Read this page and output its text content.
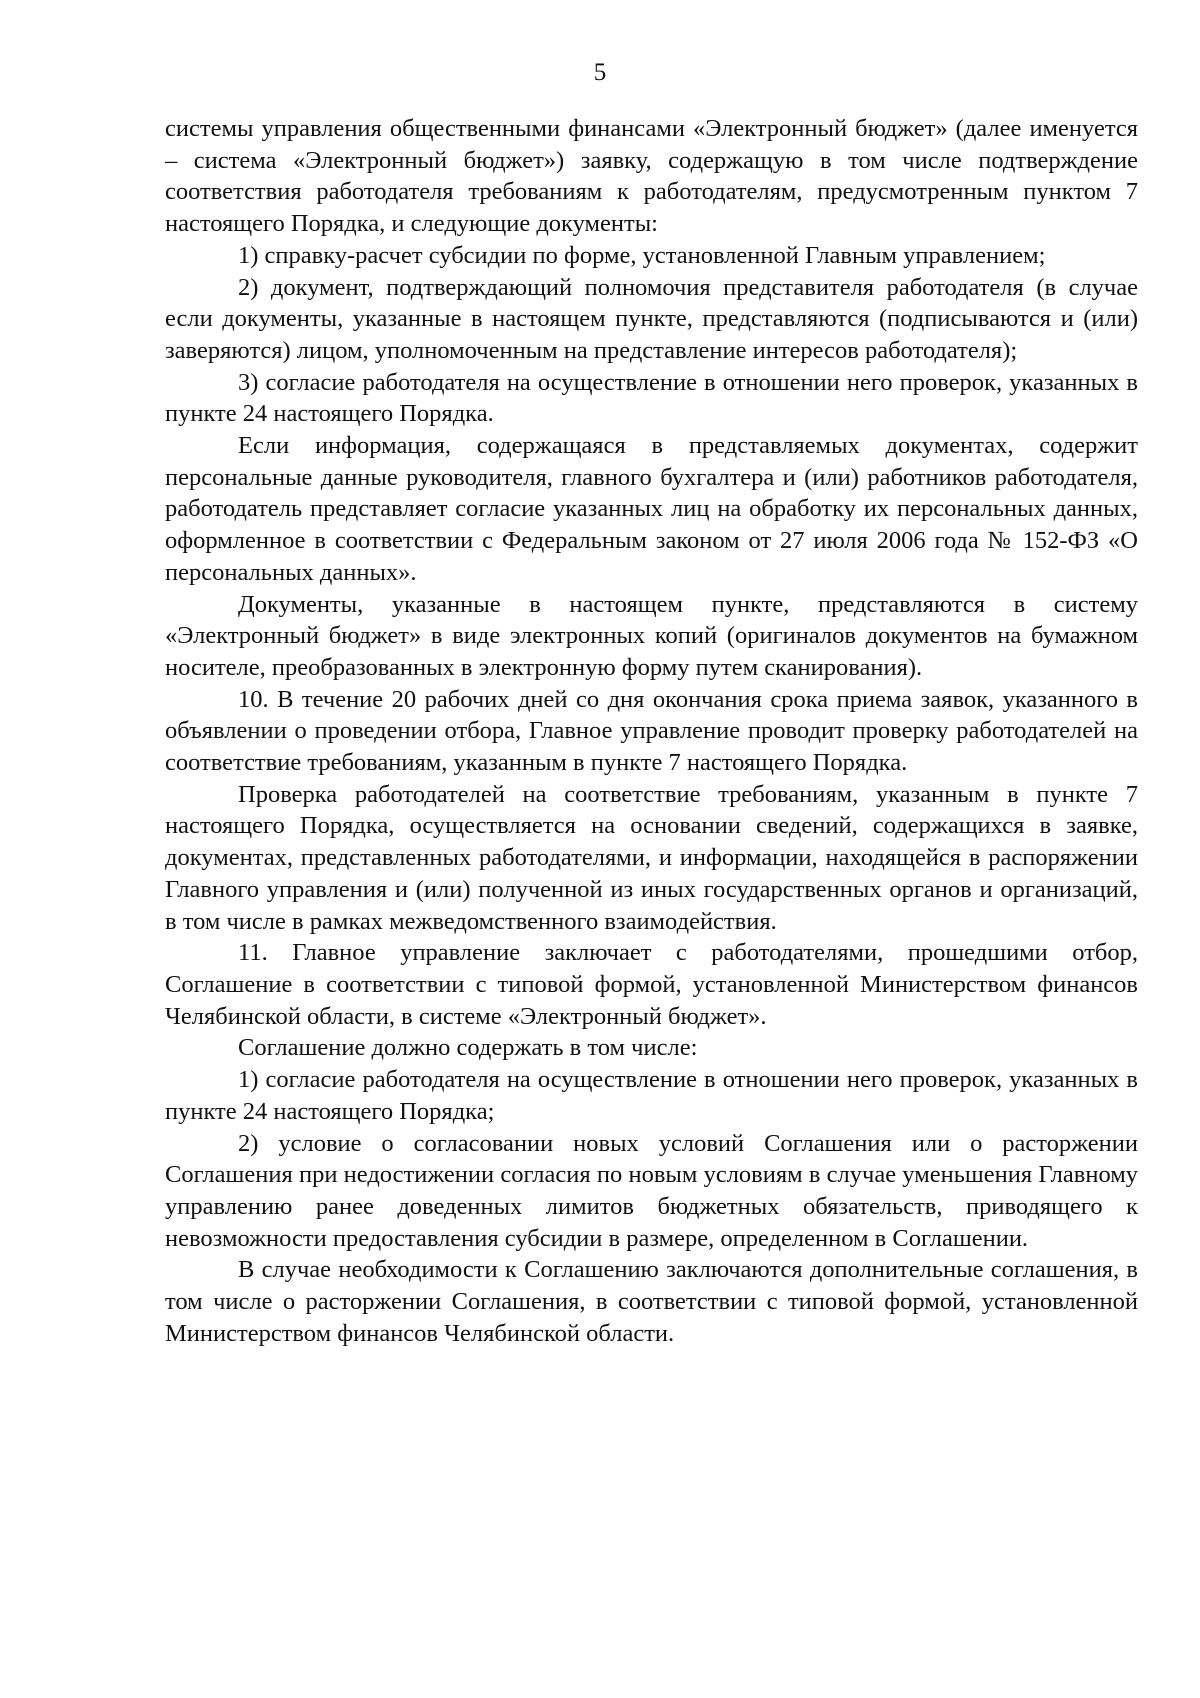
5

системы управления общественными финансами «Электронный бюджет» (далее именуется – система «Электронный бюджет») заявку, содержащую в том числе подтверждение соответствия работодателя требованиям к работодателям, предусмотренным пунктом 7 настоящего Порядка, и следующие документы:

1) справку-расчет субсидии по форме, установленной Главным управлением;

2) документ, подтверждающий полномочия представителя работодателя (в случае если документы, указанные в настоящем пункте, представляются (подписываются и (или) заверяются) лицом, уполномоченным на представление интересов работодателя);

3) согласие работодателя на осуществление в отношении него проверок, указанных в пункте 24 настоящего Порядка.

Если информация, содержащаяся в представляемых документах, содержит персональные данные руководителя, главного бухгалтера и (или) работников работодателя, работодатель представляет согласие указанных лиц на обработку их персональных данных, оформленное в соответствии с Федеральным законом от 27 июля 2006 года № 152-ФЗ «О персональных данных».

Документы, указанные в настоящем пункте, представляются в систему «Электронный бюджет» в виде электронных копий (оригиналов документов на бумажном носителе, преобразованных в электронную форму путем сканирования).

10. В течение 20 рабочих дней со дня окончания срока приема заявок, указанного в объявлении о проведении отбора, Главное управление проводит проверку работодателей на соответствие требованиям, указанным в пункте 7 настоящего Порядка.

Проверка работодателей на соответствие требованиям, указанным в пункте 7 настоящего Порядка, осуществляется на основании сведений, содержащихся в заявке, документах, представленных работодателями, и информации, находящейся в распоряжении Главного управления и (или) полученной из иных государственных органов и организаций, в том числе в рамках межведомственного взаимодействия.

11. Главное управление заключает с работодателями, прошедшими отбор, Соглашение в соответствии с типовой формой, установленной Министерством финансов Челябинской области, в системе «Электронный бюджет».

Соглашение должно содержать в том числе:

1) согласие работодателя на осуществление в отношении него проверок, указанных в пункте 24 настоящего Порядка;

2) условие о согласовании новых условий Соглашения или о расторжении Соглашения при недостижении согласия по новым условиям в случае уменьшения Главному управлению ранее доведенных лимитов бюджетных обязательств, приводящего к невозможности предоставления субсидии в размере, определенном в Соглашении.

В случае необходимости к Соглашению заключаются дополнительные соглашения, в том числе о расторжении Соглашения, в соответствии с типовой формой, установленной Министерством финансов Челябинской области.
